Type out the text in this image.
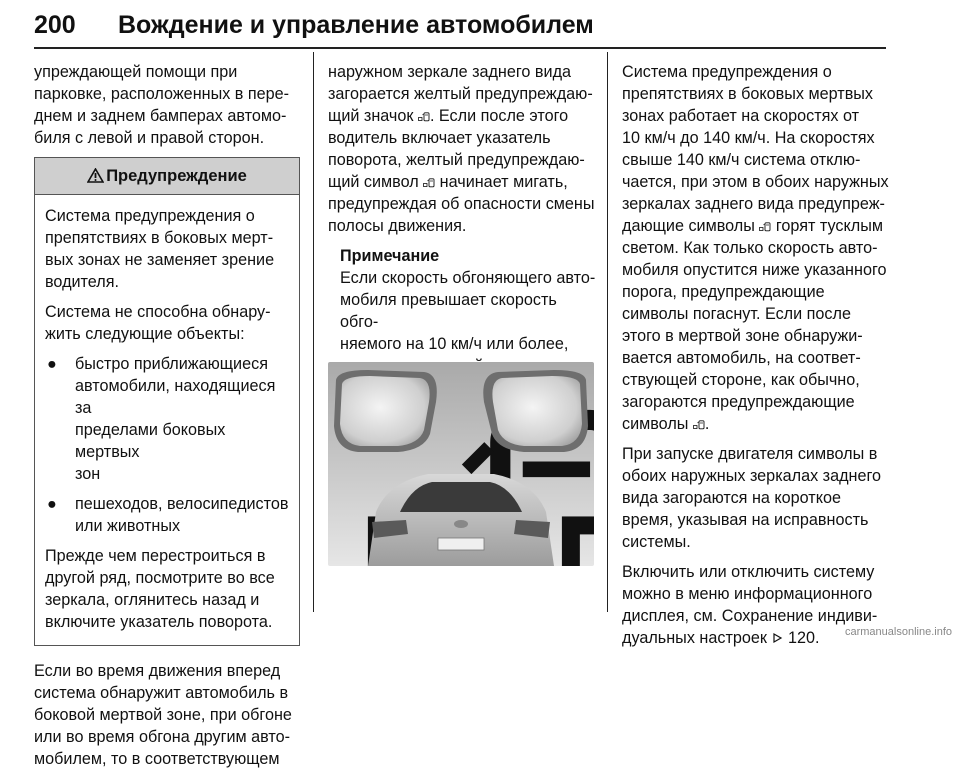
200 Вождение и управление автомобилем

упреждающей помощи при
парковке, расположенных в пере-
днем и заднем бамперах автомо-
биля с левой и правой сторон.

Предупреждение

Система предупреждения о
препятствиях в боковых мерт-
вых зонах не заменяет зрение
водителя.

Система не способна обнару-
жить следующие объекты:

● быстро приближающиеся
автомобили, находящиеся за
пределами боковых мертвых
зон
● пешеходов, велосипедистов
или животных

Прежде чем перестроиться в
другой ряд, посмотрите во все
зеркала, оглянитесь назад и
включите указатель поворота.

Если во время движения вперед
система обнаружит автомобиль в
боковой мертвой зоне, при обгоне
или во время обгона другим авто-
мобилем, то в соответствующем

наружном зеркале заднего вида
загорается желтый предупреждаю-
щий значок . Если после этого
водитель включает указатель
поворота, желтый предупреждаю-
щий символ  начинает мигать,
предупреждая об опасности смены
полосы движения.

Примечание
Если скорость обгоняющего авто-
мобиля превышает скорость обго-
няемого на 10 км/ч или более,

Система предупреждения о
препятствиях в боковых мертвых
зонах работает на скоростях от
10 км/ч до 140 км/ч. На скоростях
свыше 140 км/ч система отклю-
чается, при этом в обоих наружных
зеркалах заднего вида предупреж-
дающие символы  горят тусклым
светом. Как только скорость авто-
мобиля опустится ниже указанного
порога, предупреждающие
символы погаснут. Если после
этого в мертвой зоне обнаружи-
вается автомобиль, на соответ-
ствующей стороне, как обычно,
загораются предупреждающие
символы .

При запуске двигателя символы в
обоих наружных зеркалах заднего
вида загораются на короткое
время, указывая на исправность
системы.

Включить или отключить систему
можно в меню информационного
дисплея, см. Сохранение индиви-
дуальных настроек  120.	carmanualsonline.info
